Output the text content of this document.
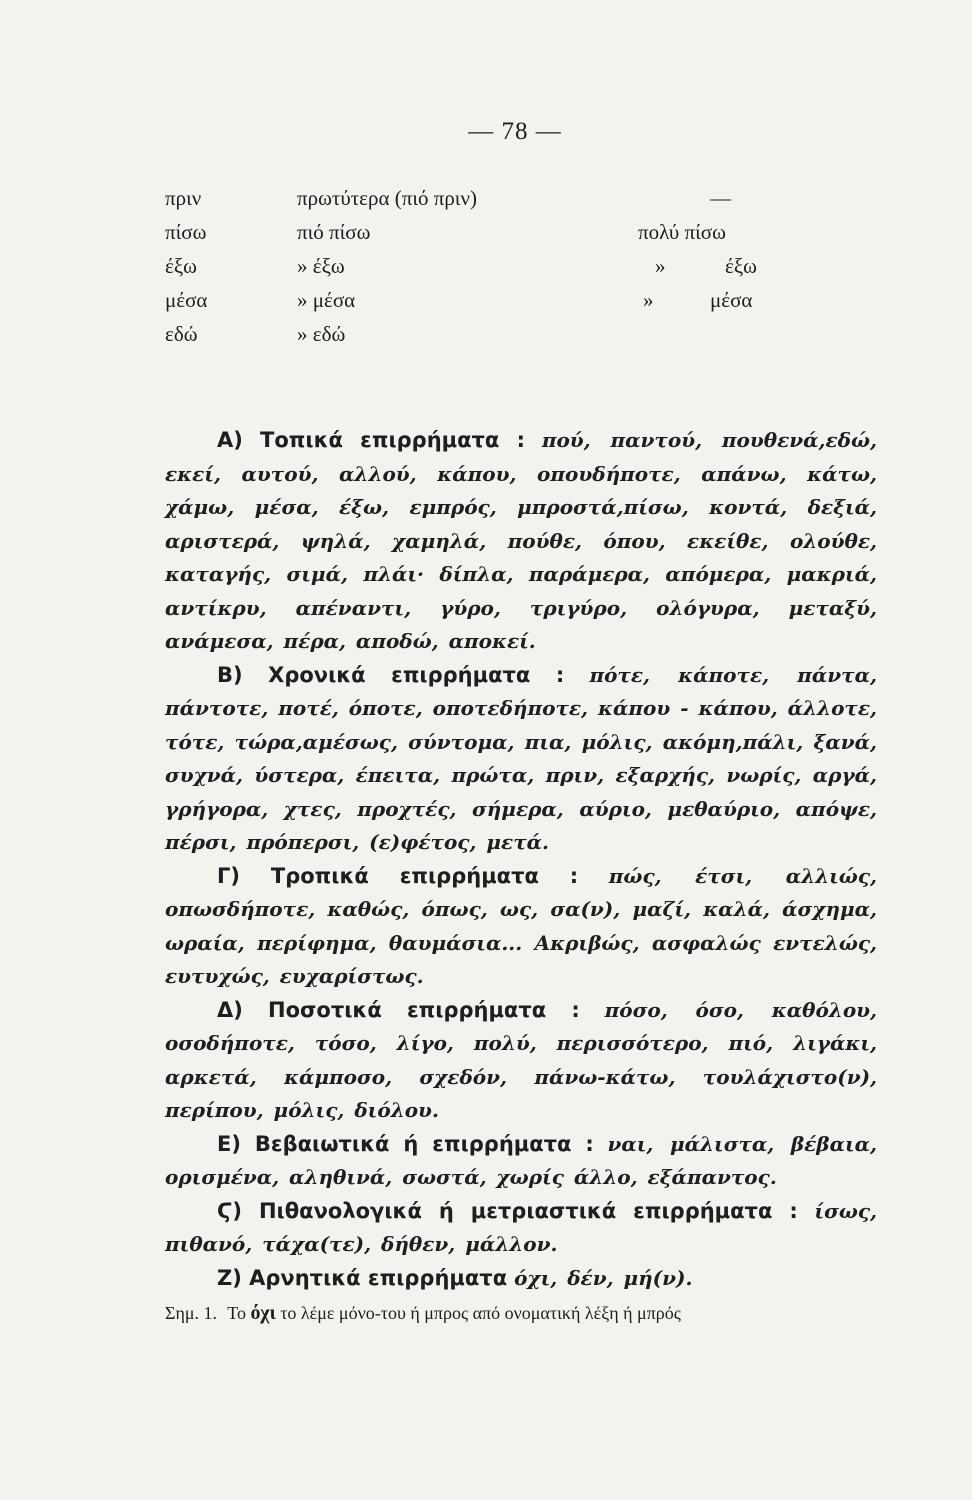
— 78 —
πριν	πρωτύτερα (πιό πριν)	—
πίσω	πιό πίσω	πολύ πίσω
έξω	» έξω	»	έξω
μέσα	» μέσα	»	μέσα
εδώ	» εδώ

Α) Τοπικά επιρρήματα : πού, παντού, πουθενά,εδώ, εκεί, αυτού, αλλού, κάπου, οπουδήποτε, απάνω, κάτω, χάμω, μέσα, έξω, εμπρός, μπροστά,πίσω, κοντά, δεξιά, αριστερά, ψηλά, χαμηλά, πούθε, όπου, εκείθε, ολούθε, καταγής, σιμά, πλάι· δίπλα, παράμερα, απόμερα, μακριά, αντίκρυ, απέναντι, γύρο, τριγύρο, ολόγυρα, μεταξύ, ανάμεσα, πέρα, αποδώ, αποκεί.

Β) Χρονικά επιρρήματα : πότε, κάποτε, πάντα, πάντοτε, ποτέ, όποτε, οποτεδήποτε, κάπου - κάπου, άλλοτε, τότε, τώρα,αμέσως, σύντομα, πια, μόλις, ακόμη,πάλι, ξανά, συχνά, ύστερα, έπειτα, πρώτα, πριν, εξαρχής, νωρίς, αργά, γρήγορα, χτες, προχτές, σήμερα, αύριο, μεθαύριο, απόψε, πέρσι, πρόπερσι, (ε)φέτος, μετά.

Γ) Τροπικά επιρρήματα : πώς, έτσι, αλλιώς, οπωσδήποτε, καθώς, όπως, ως, σα(ν), μαζί, καλά, άσχημα, ωραία, περίφημα, θαυμάσια... Ακριβώς, ασφαλώς εντελώς, ευτυχώς, ευχαρίστως.

Δ) Ποσοτικά επιρρήματα : πόσο, όσο, καθόλου, οσοδήποτε, τόσο, λίγο, πολύ, περισσότερο, πιό, λιγάκι, αρκετά, κάμποσο, σχεδόν, πάνω-κάτω, τουλάχιστο(ν), περίπου, μόλις, διόλου.

Ε) Βεβαιωτικά ή επιρρήματα : ναι, μάλιστα, βέβαια, ορισμένα, αληθινά, σωστά, χωρίς άλλο, εξάπαντος.

Ϛ) Πιθανολογικά ή μετριαστικά επιρρήματα : ίσως, πιθανό, τάχα(τε), δήθεν, μάλλον.

Ζ) Αρνητικά επιρρήματα όχι, δέν, μή(ν).

Σημ. 1. Το όχι το λέμε μόνο-του ή μπρος από ονοματική λέξη ή μπρός
